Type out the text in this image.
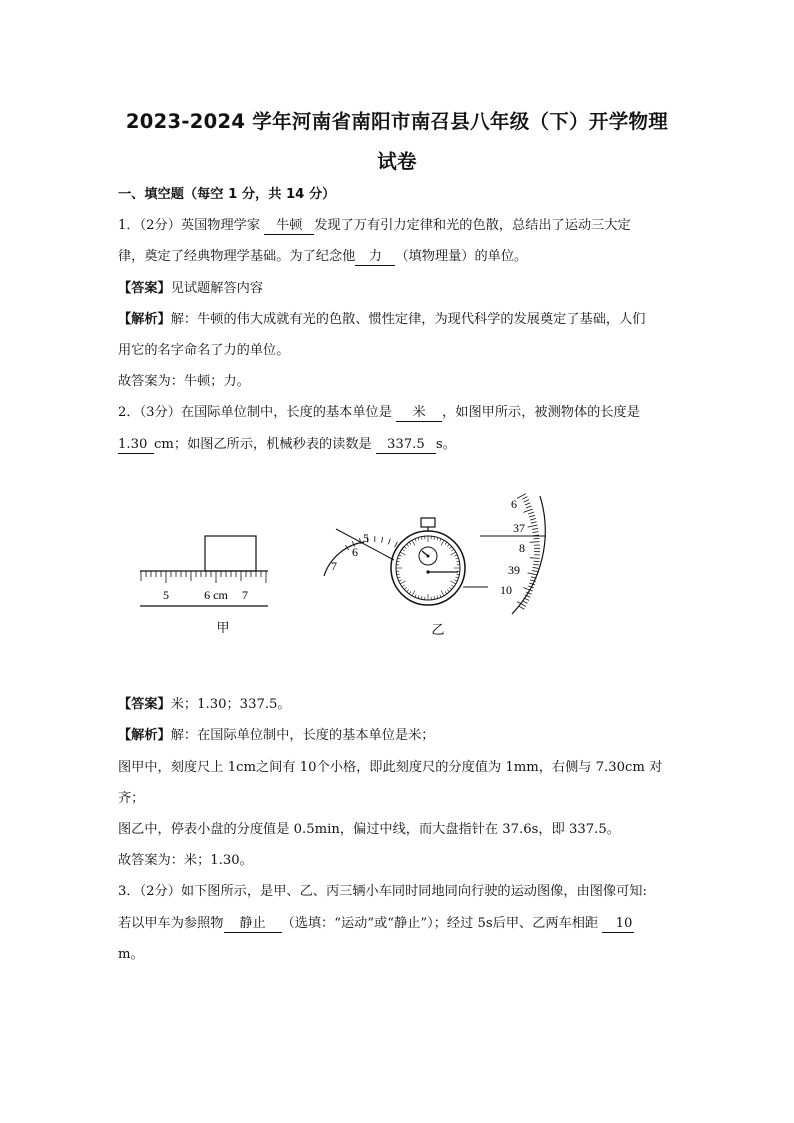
2023-2024 学年河南省南阳市南召县八年级（下）开学物理
试卷
一、填空题（每空 1 分，共 14 分）
1．（2分）英国物理学家 牛顿 发现了万有引力定律和光的色散，总结出了运动三大定
律，奠定了经典物理学基础。为了纪念他 力 （填物理量）的单位。
【答案】见试题解答内容
【解析】解：牛顿的伟大成就有光的色散、惯性定律，为现代科学的发展奠定了基础，人们
用它的名字命名了力的单位。
故答案为：牛顿；力。
2．（3分）在国际单位制中，长度的基本单位是 米 ，如图甲所示，被测物体的长度是
1.30 cm；如图乙所示，机械秒表的读数是 337.5 s。
5	6 cm 7
甲
5
6
7
6
37
8
39
10
乙
【答案】米；1.30；337.5。
【解析】解：在国际单位制中，长度的基本单位是米；
图甲中，刻度尺上 1cm之间有 10个小格，即此刻度尺的分度值为 1mm，右侧与 7.30cm 对
齐；
图乙中，停表小盘的分度值是 0.5min，偏过中线，而大盘指针在 37.6s，即 337.5。
故答案为：米；1.30。
3．（2分）如下图所示，是甲、乙、丙三辆小车同时同地同向行驶的运动图像，由图像可知:
若以甲车为参照物 静止 （选填：“运动”或“静止”）；经过 5s后甲、乙两车相距 10
m。
